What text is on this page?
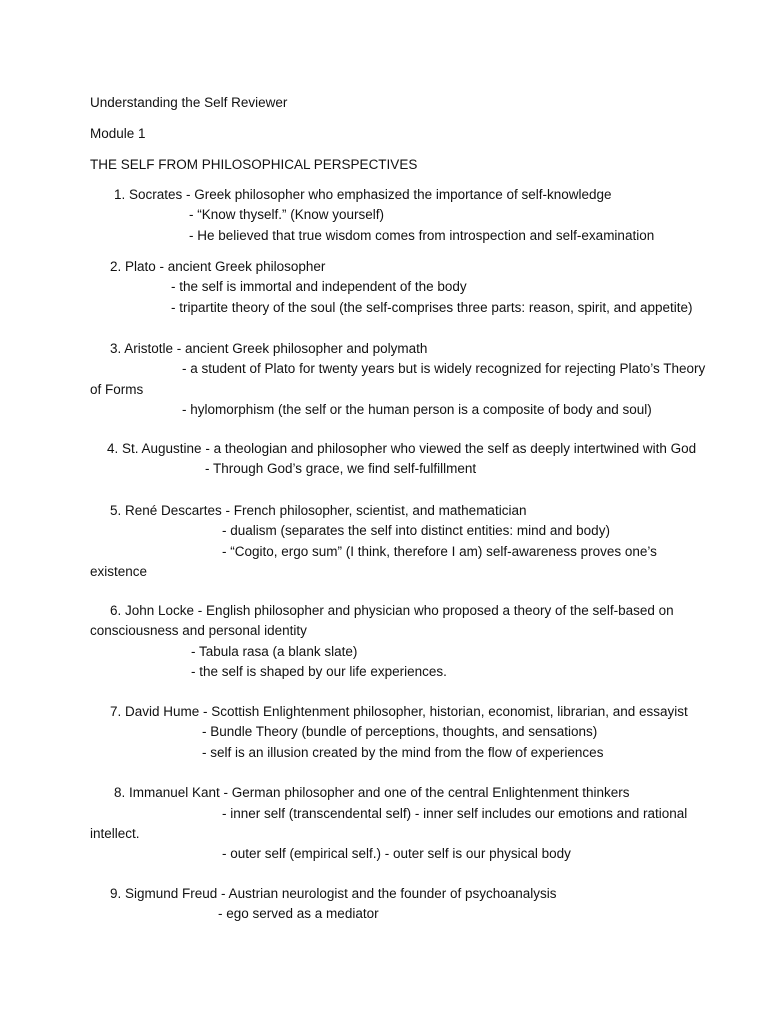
Understanding the Self Reviewer
Module 1
THE SELF FROM PHILOSOPHICAL PERSPECTIVES
1. Socrates - Greek philosopher who emphasized the importance of self-knowledge
- “Know thyself.” (Know yourself)
- He believed that true wisdom comes from introspection and self-examination
2. Plato - ancient Greek philosopher
- the self is immortal and independent of the body
- tripartite theory of the soul (the self-comprises three parts: reason, spirit, and appetite)
3. Aristotle - ancient Greek philosopher and polymath
- a student of Plato for twenty years but is widely recognized for rejecting Plato’s Theory
of Forms
- hylomorphism (the self or the human person is a composite of body and soul)
4. St. Augustine - a theologian and philosopher who viewed the self as deeply intertwined with God
- Through God’s grace, we find self-fulfillment
5. René Descartes - French philosopher, scientist, and mathematician
- dualism (separates the self into distinct entities: mind and body)
- “Cogito, ergo sum” (I think, therefore I am) self-awareness proves one’s
existence
6. John Locke - English philosopher and physician who proposed a theory of the self-based on
consciousness and personal identity
- Tabula rasa (a blank slate)
- the self is shaped by our life experiences.
7. David Hume - Scottish Enlightenment philosopher, historian, economist, librarian, and essayist
- Bundle Theory (bundle of perceptions, thoughts, and sensations)
- self is an illusion created by the mind from the flow of experiences
8. Immanuel Kant - German philosopher and one of the central Enlightenment thinkers
- inner self (transcendental self) - inner self includes our emotions and rational
intellect.
- outer self (empirical self.) - outer self is our physical body
9. Sigmund Freud - Austrian neurologist and the founder of psychoanalysis
- ego served as a mediator
